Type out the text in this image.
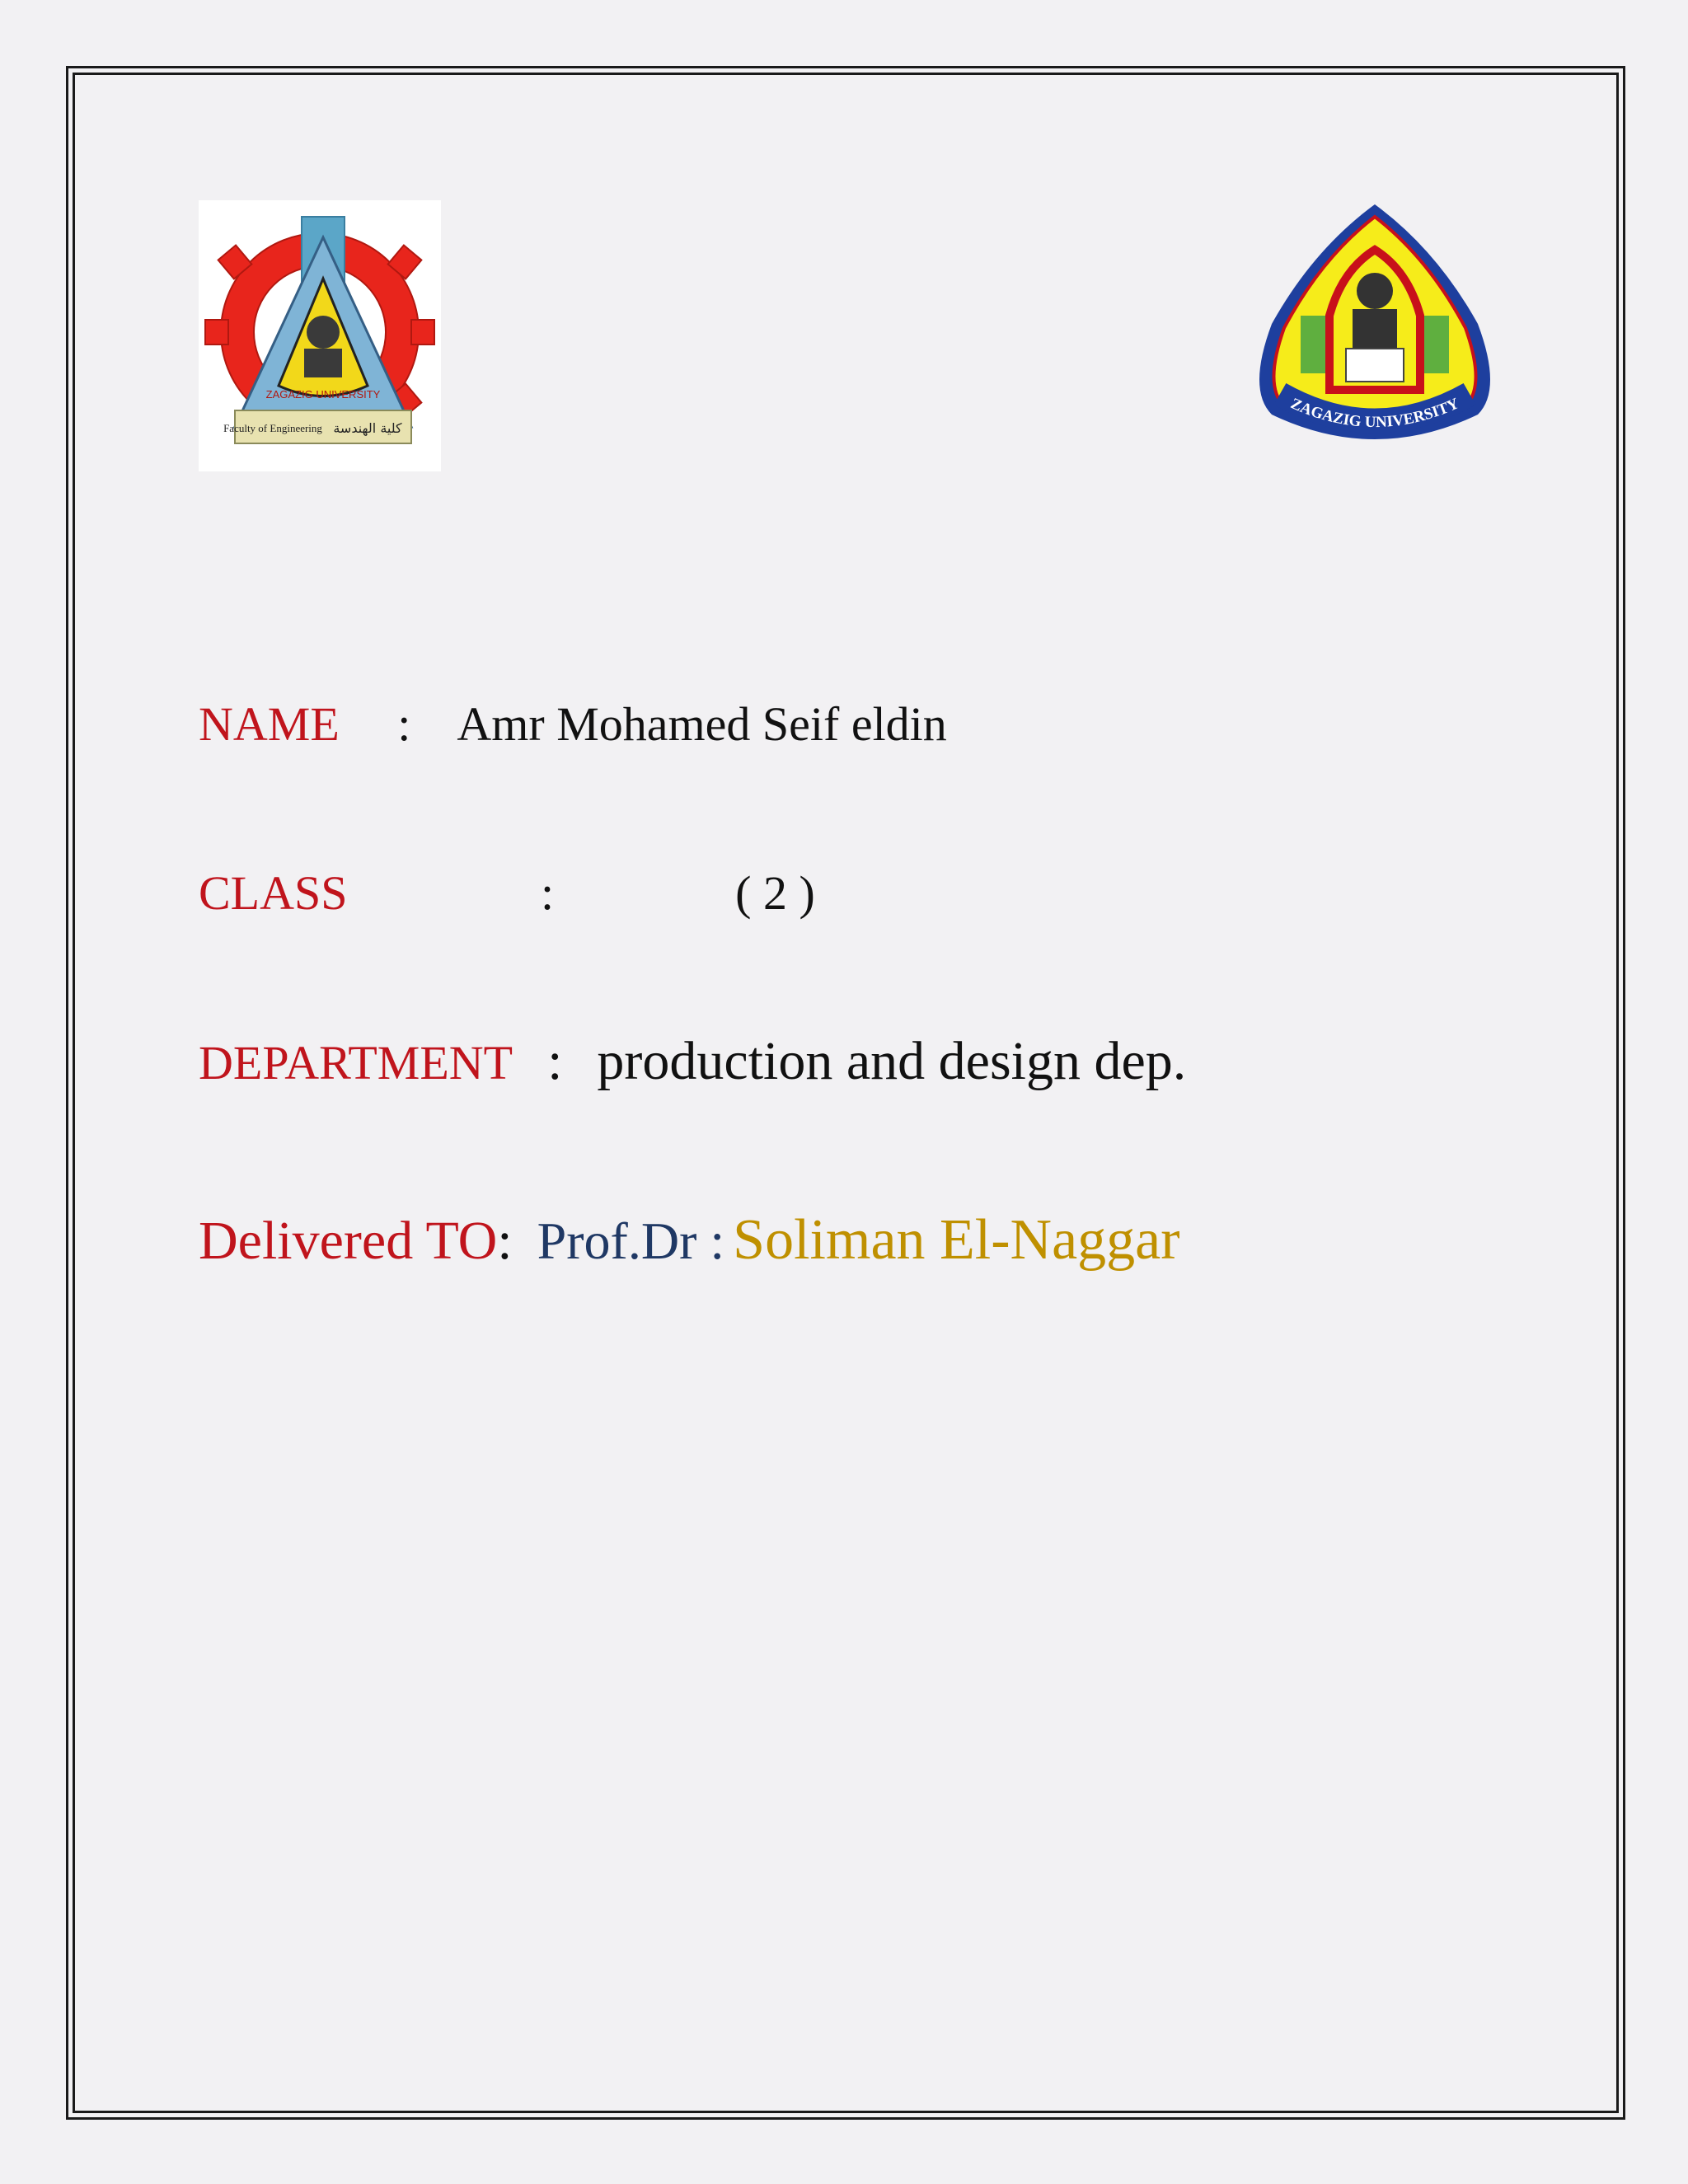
ZAGAZIG UNIVERSITY
Faculty of Engineering كلية الهندسة
ZAGAZIG UNIVERSITY
NAME : Amr Mohamed Seif eldin
CLASS	:	( 2 )
DEPARTMENT : production and design dep.
Delivered TO: Prof.Dr : Soliman El-Naggar
